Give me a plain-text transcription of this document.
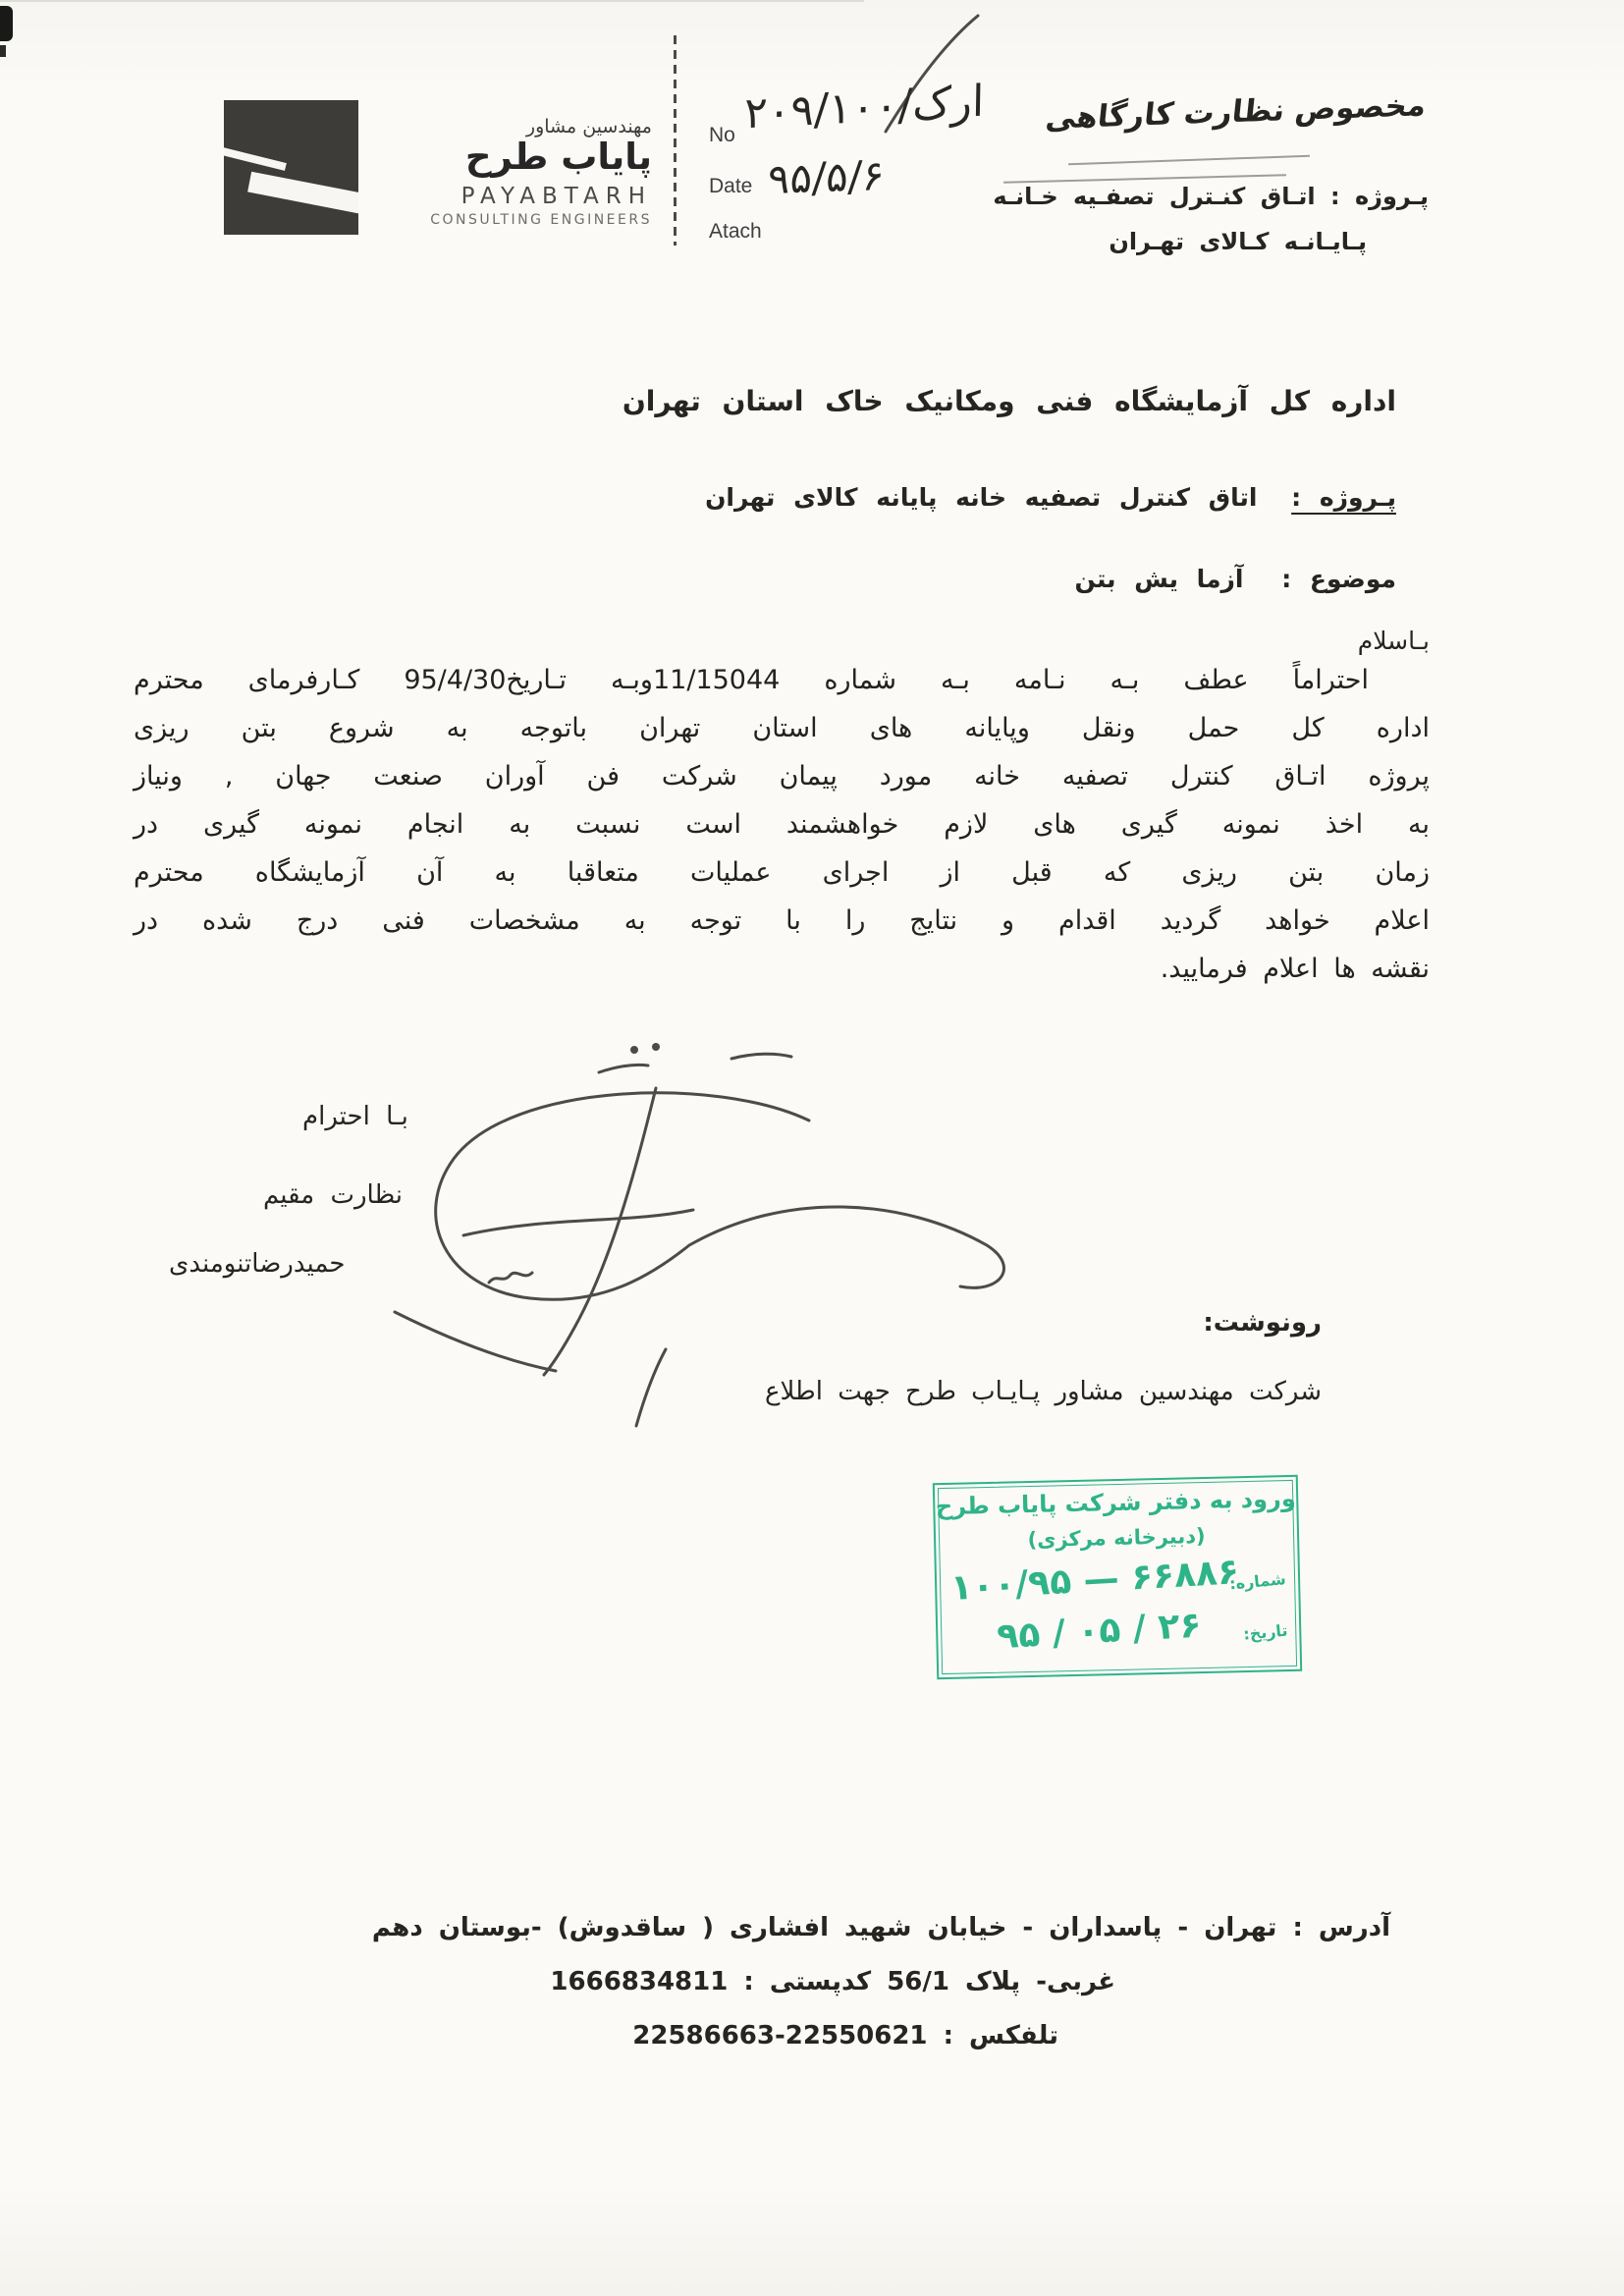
مهندسین مشاور
پایاب طرح
PAYABTARH
CONSULTING ENGINEERS
No
Date
Atach
۲۰۹/ارک/۱۰۰
۹۵/۵/۶
مخصوص نظارت کارگاهی
پـروژه : اتـاق کنـترل تصفـیه خـانـه
پـایـانـه کـالای تهـران
اداره کل آزمایشگاه فنی ومکانیک خاک استان تهران
پـروژه : اتاق کنترل تصفیه خانه پایانه کالای تهران
موضوع : آزما یش بتن
بـاسلام
احتراماً عطف بـه نـامه بـه شماره 11/15044وبـه تـاریخ95/4/30 کـارفرمای محترم
اداره کل حمل ونقل وپایانه های استان تهران باتوجه به شروع بتن ریزی
پروژه اتـاق کنترل تصفیه خانه مورد پیمان شرکت فن آوران صنعت جهان , ونیاز
به اخذ نمونه گیری های لازم خواهشمند است نسبت به انجام نمونه گیری در
زمان بتن ریزی که قبل از اجرای عملیات متعاقبا به آن آزمایشگاه محترم
اعلام خواهد گردید اقدام و نتایج را با توجه به مشخصات فنی درج شده در
نقشه ها اعلام فرمایید.
بـا احترام
نظارت مقیم
حمیدرضاتنومندی
رونوشت:
شرکت مهندسین مشاور پـایـاب طرح جهت اطلاع
ورود به دفتر شرکت پایاب طرح
(دبیرخانه مرکزی)
شماره:
۱۰۰/۹۵ — ۶۶۸۸۶
تاریخ:
۹۵ / ۰۵ / ۲۶
آدرس : تهران - پاسداران - خیابان شهید افشاری ( ساقدوش) -بوستان دهم
غربی- پلاک 56/1 کدپستی : 1666834811
تلفکس : 22550621-22586663
